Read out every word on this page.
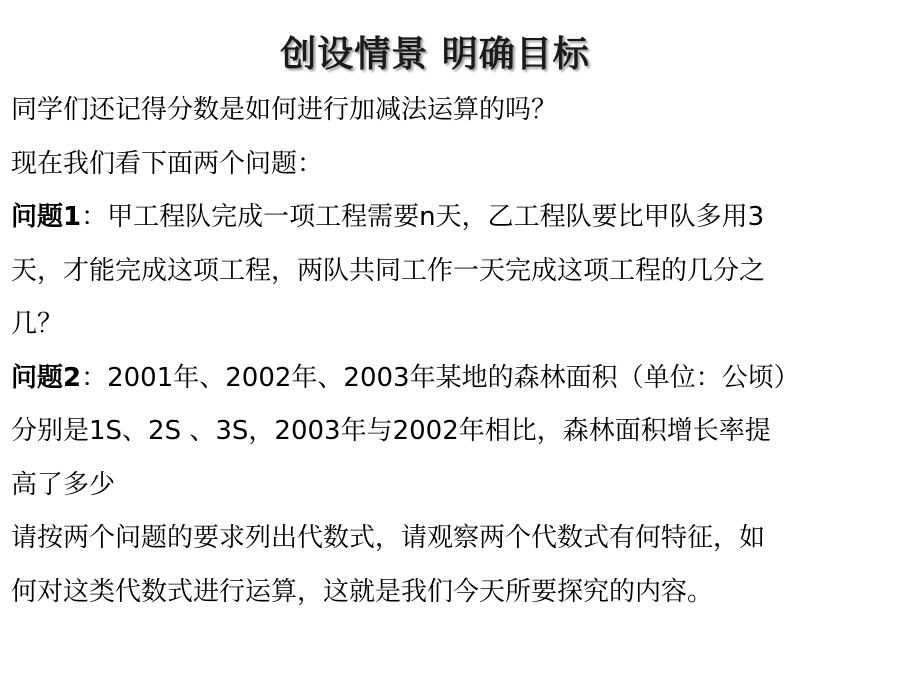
创设情景 明确目标
同学们还记得分数是如何进行加减法运算的吗？
现在我们看下面两个问题：
问题1：甲工程队完成一项工程需要n天，乙工程队要比甲队多用3
天，才能完成这项工程，两队共同工作一天完成这项工程的几分之
几？
问题2：2001年、2002年、2003年某地的森林面积（单位：公顷）
分别是1S、2S 、3S，2003年与2002年相比，森林面积增长率提
高了多少
请按两个问题的要求列出代数式，请观察两个代数式有何特征，如
何对这类代数式进行运算，这就是我们今天所要探究的内容。
